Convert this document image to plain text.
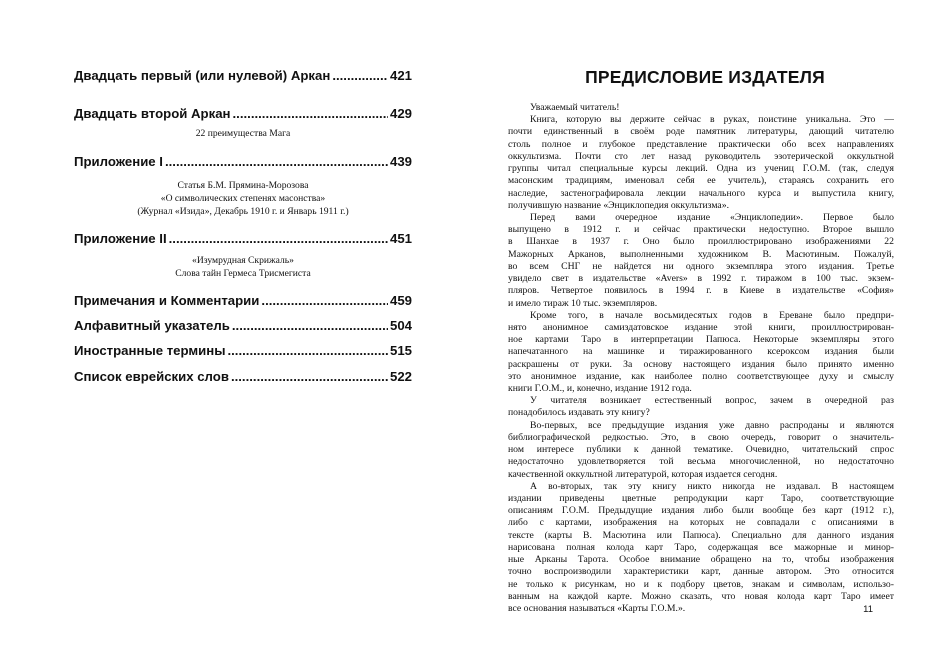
Двадцать первый (или нулевой) Аркан .....	421
Двадцать второй Аркан .....	429
22 преимущества Мага
Приложение I .....	439
Статья Б.М. Прямина-Морозова
«О символических степенях масонства»
(Журнал «Изида», Декабрь 1910 г. и Январь 1911 г.)
Приложение II .....	451
«Изумрудная Скрижаль»
Слова тайн Гермеса Трисмегиста
Примечания и Комментарии .....	459
Алфавитный указатель .....	504
Иностранные термины .....	515
Список еврейских слов .....	522
ПРЕДИСЛОВИЕ ИЗДАТЕЛЯ
Уважаемый читатель!
Книга, которую вы держите сейчас в руках, поистине уникальна. Это —
почти единственный в своём роде памятник литературы, дающий читателю
столь полное и глубокое представление практически обо всех направлениях
оккультизма. Почти сто лет назад руководитель эзотерической оккультной
группы читал специальные курсы лекций. Одна из учениц Г.О.М. (так, следуя
масонским традициям, именовал себя ее учитель), стараясь сохранить его
наследие, застенографировала лекции начального курса и выпустила книгу,
получившую название «Энциклопедия оккультизма».
Перед вами очередное издание «Энциклопедии». Первое было
выпущено в 1912 г. и сейчас практически недоступно. Второе вышло
в Шанхае в 1937 г. Оно было проиллюстрировано изображениями 22
Мажорных Арканов, выполненными художником В. Масютиным. Пожалуй,
во всем СНГ не найдется ни одного экземпляра этого издания. Третье
увидело свет в издательстве «Avers» в 1992 г. тиражом в 100 тыс. экзем-
пляров. Четвертое появилось в 1994 г. в Киеве в издательстве «София»
и имело тираж 10 тыс. экземпляров.
Кроме того, в начале восьмидесятых годов в Ереване было предпри-
нято анонимное самиздатовское издание этой книги, проиллюстрирован-
ное картами Таро в интерпретации Папюса. Некоторые экземпляры этого
напечатанного на машинке и тиражированного ксероксом издания были
раскрашены от руки. За основу настоящего издания было принято именно
это анонимное издание, как наиболее полно соответствующее духу и смыслу
книги Г.О.М., и, конечно, издание 1912 года.
У читателя возникает естественный вопрос, зачем в очередной раз
понадобилось издавать эту книгу?
Во-первых, все предыдущие издания уже давно распроданы и являются
библиографической редкостью. Это, в свою очередь, говорит о значитель-
ном интересе публики к данной тематике. Очевидно, читательский спрос
недостаточно удовлетворяется той весьма многочисленной, но недостаточно
качественной оккультной литературой, которая издается сегодня.
А во-вторых, так эту книгу никто никогда не издавал. В настоящем
издании приведены цветные репродукции карт Таро, соответствующие
описаниям Г.О.М. Предыдущие издания либо были вообще без карт (1912 г.),
либо с картами, изображения на которых не совпадали с описаниями в
тексте (карты В. Масютина или Папюса). Специально для данного издания
нарисована полная колода карт Таро, содержащая все мажорные и минор-
ные Арканы Тарота. Особое внимание обращено на то, чтобы изображения
точно воспроизводили характеристики карт, данные автором. Это относится
не только к рисункам, но и к подбору цветов, знакам и символам, использо-
ванным на каждой карте. Можно сказать, что новая колода карт Таро имеет
все основания называться «Карты Г.О.М.».	11
